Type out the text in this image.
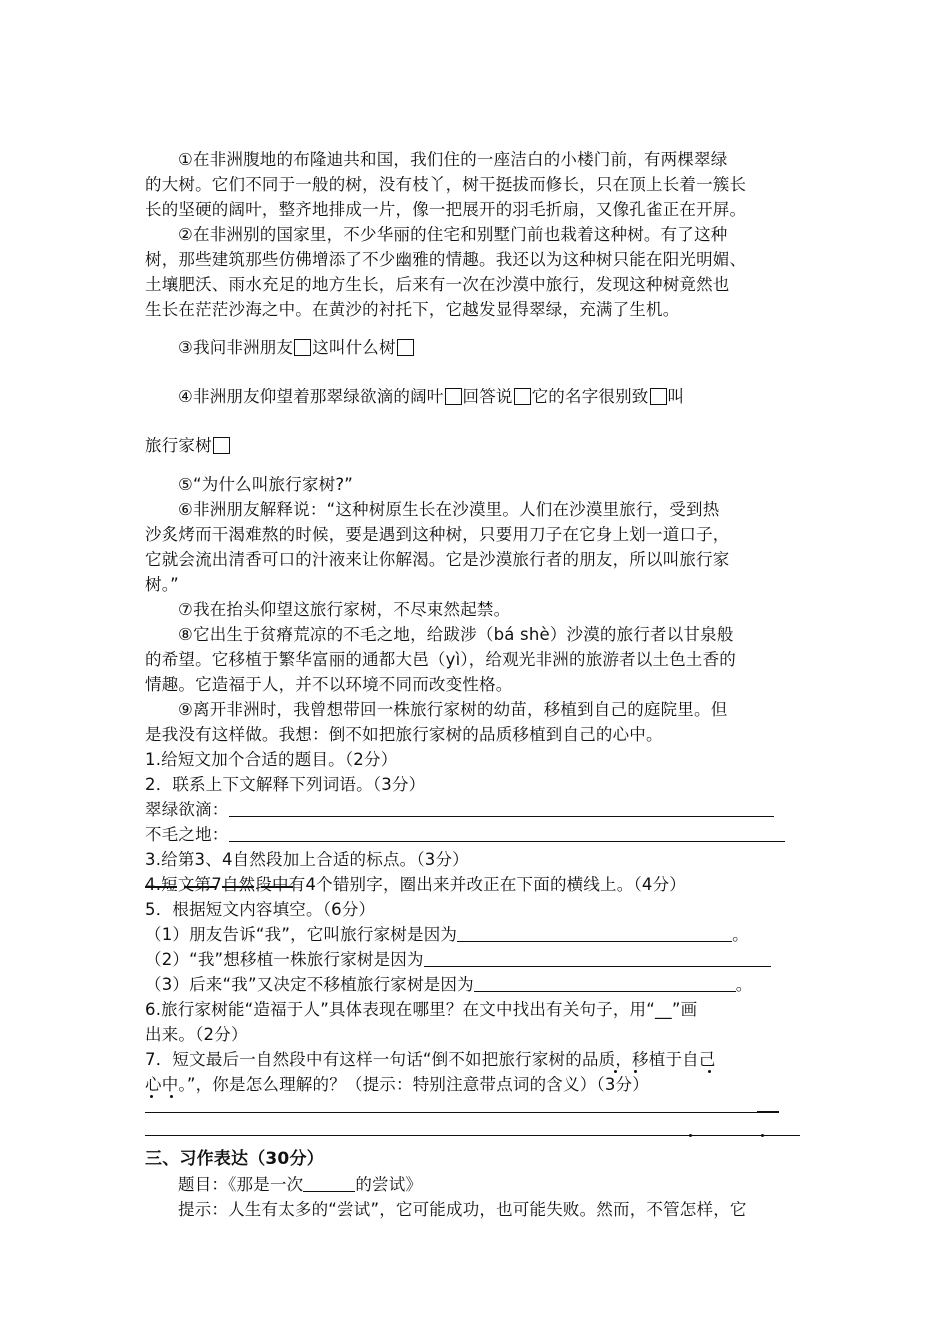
①在非洲腹地的布隆迪共和国，我们住的一座洁白的小楼门前，有两棵翠绿
的大树。它们不同于一般的树，没有枝丫，树干挺拔而修长，只在顶上长着一簇长
长的坚硬的阔叶，整齐地排成一片，像一把展开的羽毛折扇，又像孔雀正在开屏。
②在非洲别的国家里，不少华丽的住宅和别墅门前也栽着这种树。有了这种
树，那些建筑那些仿佛增添了不少幽雅的情趣。我还以为这种树只能在阳光明媚、
土壤肥沃、雨水充足的地方生长，后来有一次在沙漠中旅行，发现这种树竟然也
生长在茫茫沙海之中。在黄沙的衬托下，它越发显得翠绿，充满了生机。
③我问非洲朋友 这叫什么树
④非洲朋友仰望着那翠绿欲滴的阔叶 回答说 它的名字很别致 叫
旅行家树
⑤“为什么叫旅行家树?”
⑥非洲朋友解释说：“这种树原生长在沙漠里。人们在沙漠里旅行，受到热
沙炙烤而干渴难熬的时候，要是遇到这种树，只要用刀子在它身上划一道口子，
它就会流出清香可口的汁液来让你解渴。它是沙漠旅行者的朋友，所以叫旅行家
树。”
⑦我在抬头仰望这旅行家树，不尽束然起禁。
⑧它出生于贫瘠荒凉的不毛之地，给跋涉（bá shè）沙漠的旅行者以甘泉般
的希望。它移植于繁华富丽的通都大邑（yì），给观光非洲的旅游者以土色土香的
情趣。它造福于人，并不以环境不同而改变性格。
⑨离开非洲时，我曾想带回一株旅行家树的幼苗，移植到自己的庭院里。但
是我没有这样做。我想：倒不如把旅行家树的品质移植到自己的心中。
1.给短文加个合适的题目。（2分）
2．联系上下文解释下列词语。（3分）
翠绿欲滴：
不毛之地：
3.给第3、4自然段加上合适的标点。（3分）
4.短文第7自然段中有4个错别字，圈出来并改正在下面的横线上。（4分）
5．根据短文内容填空。（6分）
（1）朋友告诉“我”，它叫旅行家树是因为	。
（2）“我”想移植一株旅行家树是因为
（3）后来“我”又决定不移植旅行家树是因为	。
6.旅行家树能“造福于人”具体表现在哪里？在文中找出有关句子，用“__”画
出来。（2分）
7．短文最后一自然段中有这样一句话“倒不如把旅行家树的品质，移植于自己
心中。”，你是怎么理解的？（提示：特别注意带点词的含义）（3分）
三、习作表达（30分）
题目：《那是一次	的尝试》
提示：人生有太多的“尝试”，它可能成功，也可能失败。然而，不管怎样，它
